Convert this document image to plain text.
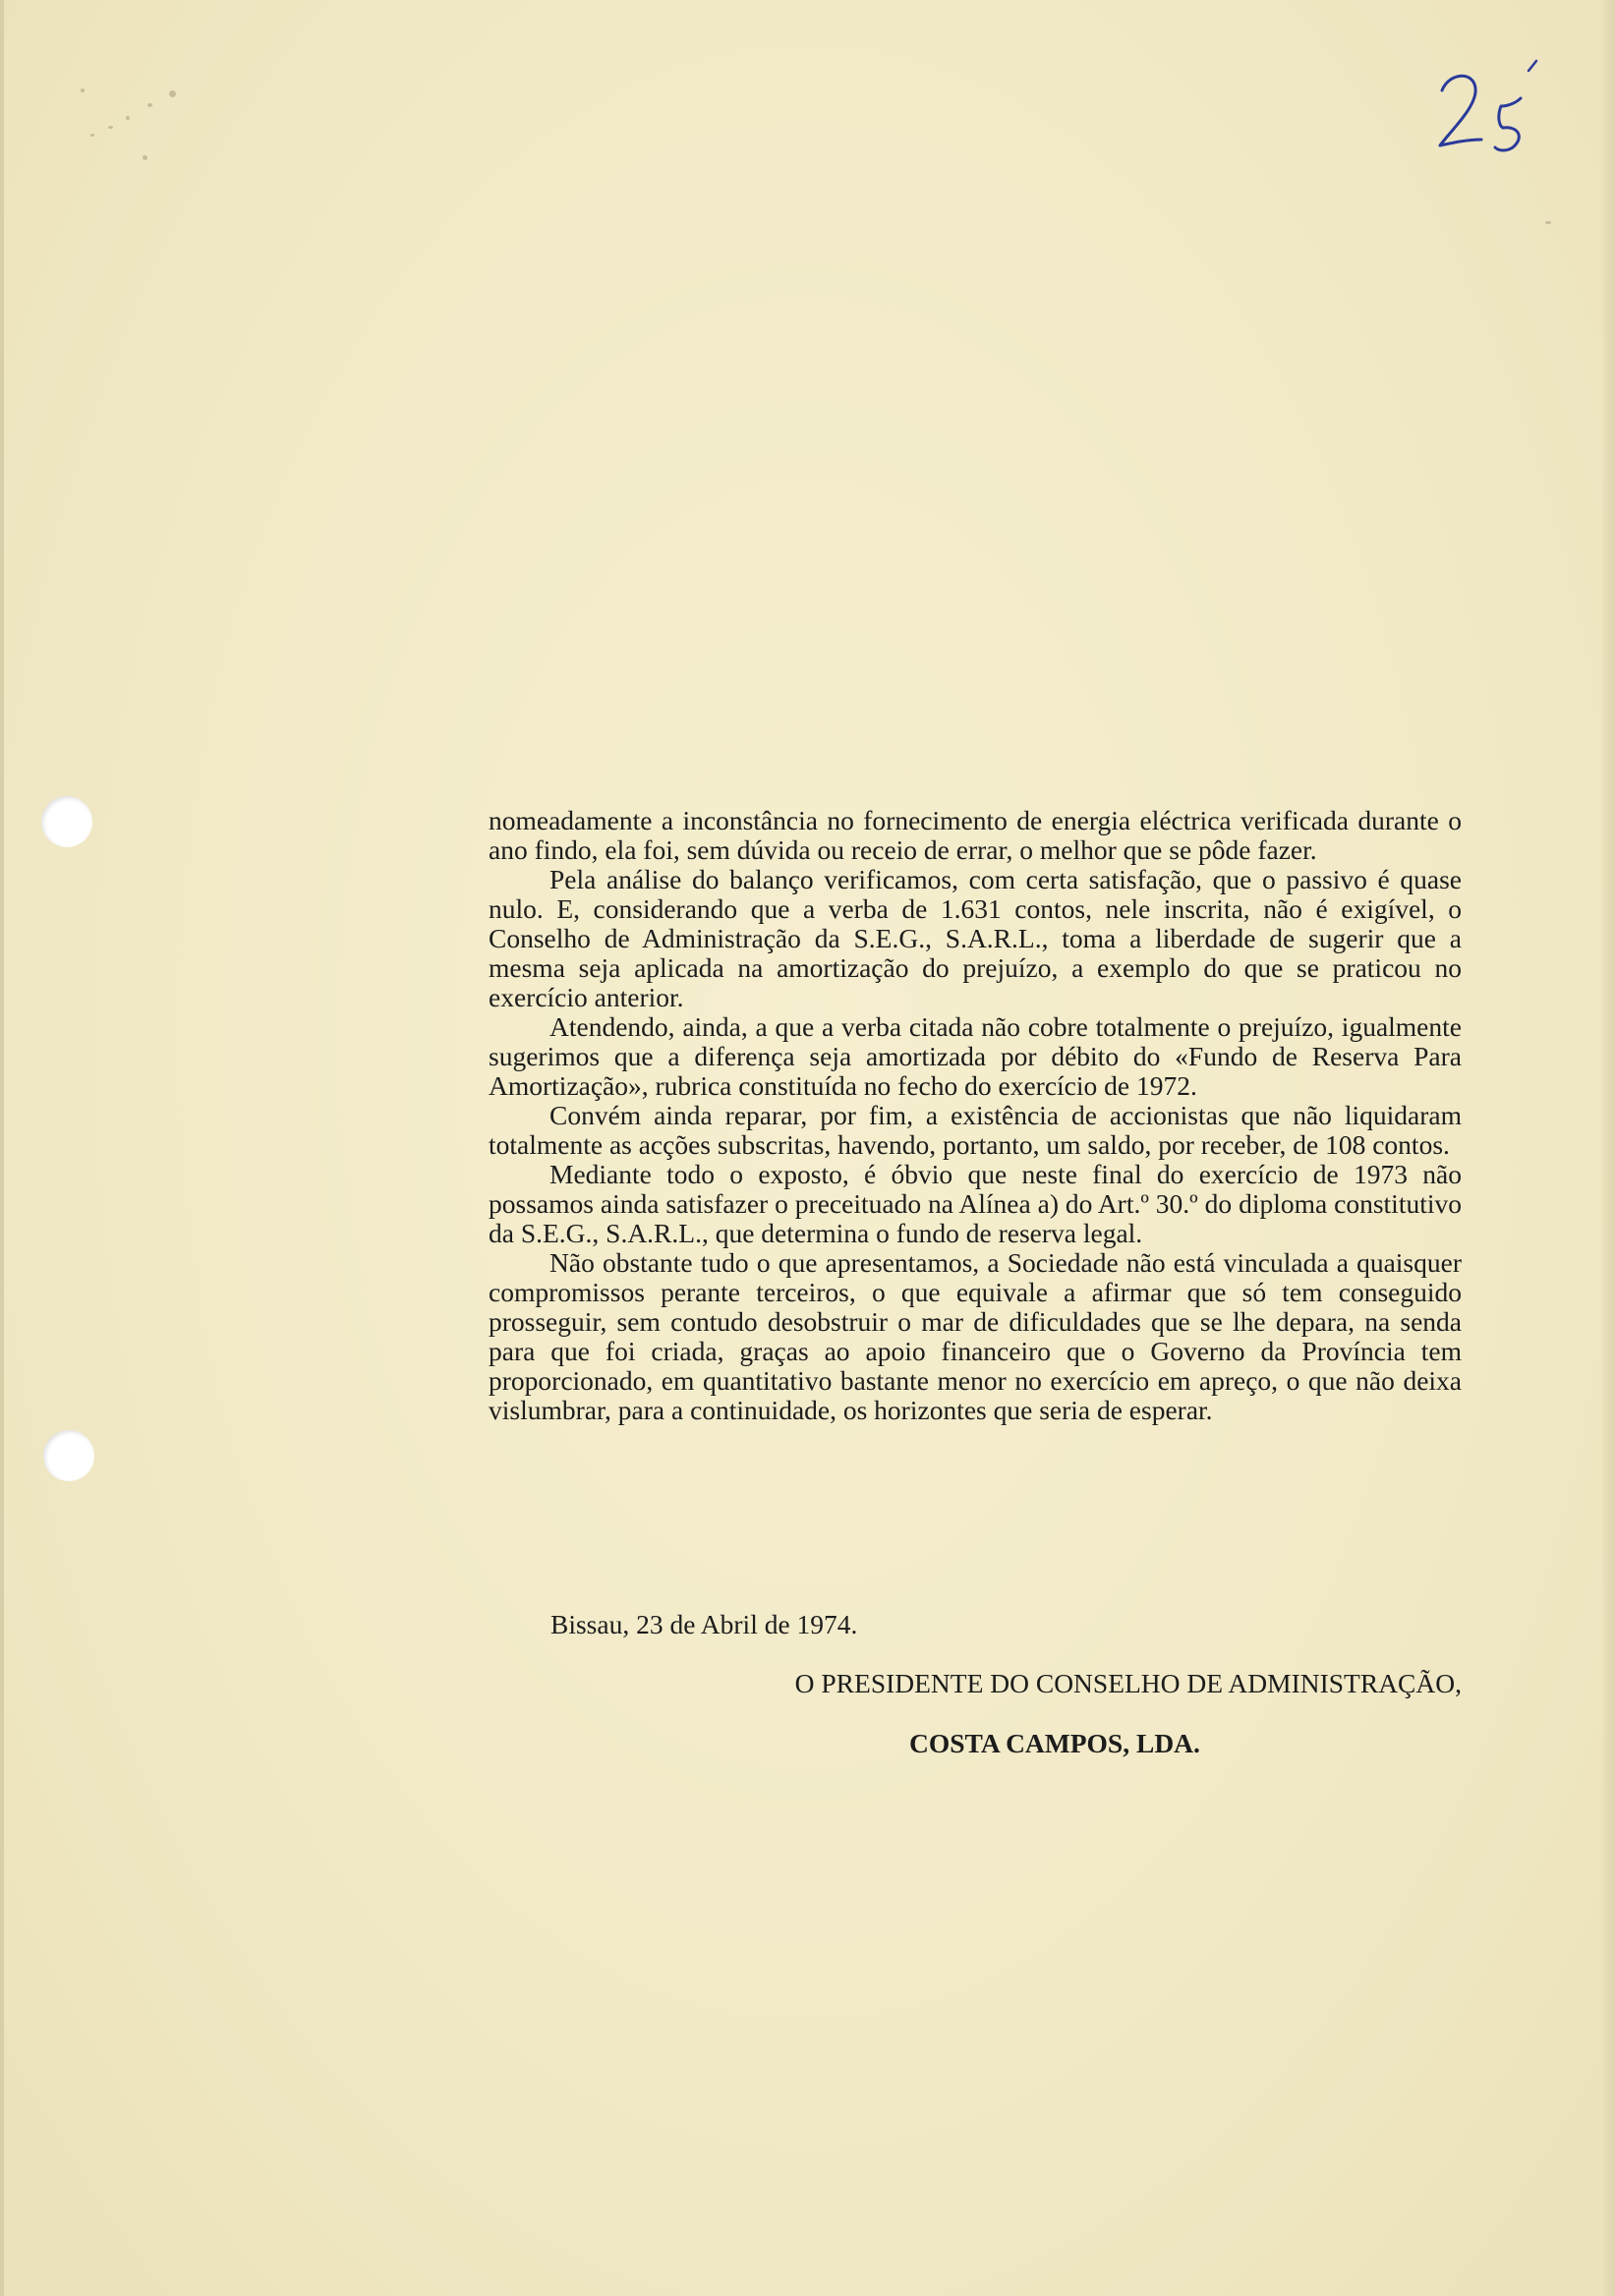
nomeadamente a inconstância no fornecimento de energia eléctrica verificada durante o ano findo, ela foi, sem dúvida ou receio de errar, o melhor que se pôde fazer.

Pela análise do balanço verificamos, com certa satisfação, que o passivo é quase nulo. E, considerando que a verba de 1.631 contos, nele inscrita, não é exigível, o Conselho de Administração da S.E.G., S.A.R.L., toma a liberdade de sugerir que a mesma seja aplicada na amortização do prejuízo, a exemplo do que se praticou no exercício anterior.

Atendendo, ainda, a que a verba citada não cobre totalmente o prejuízo, igualmente sugerimos que a diferença seja amortizada por débito do «Fundo de Reserva Para Amortização», rubrica constituída no fecho do exercício de 1972.

Convém ainda reparar, por fim, a existência de accionistas que não liquidaram totalmente as acções subscritas, havendo, portanto, um saldo, por receber, de 108 contos.

Mediante todo o exposto, é óbvio que neste final do exercício de 1973 não possamos ainda satisfazer o preceituado na Alínea a) do Art.º 30.º do diploma constitutivo da S.E.G., S.A.R.L., que determina o fundo de reserva legal.

Não obstante tudo o que apresentamos, a Sociedade não está vinculada a quaisquer compromissos perante terceiros, o que equivale a afirmar que só tem conseguido prosseguir, sem contudo desobstruir o mar de dificuldades que se lhe depara, na senda para que foi criada, graças ao apoio financeiro que o Governo da Província tem proporcionado, em quantitativo bastante menor no exercício em apreço, o que não deixa vislumbrar, para a continuidade, os horizontes que seria de esperar.

Bissau, 23 de Abril de 1974.
O PRESIDENTE DO CONSELHO DE ADMINISTRAÇÃO,
COSTA CAMPOS, LDA.
